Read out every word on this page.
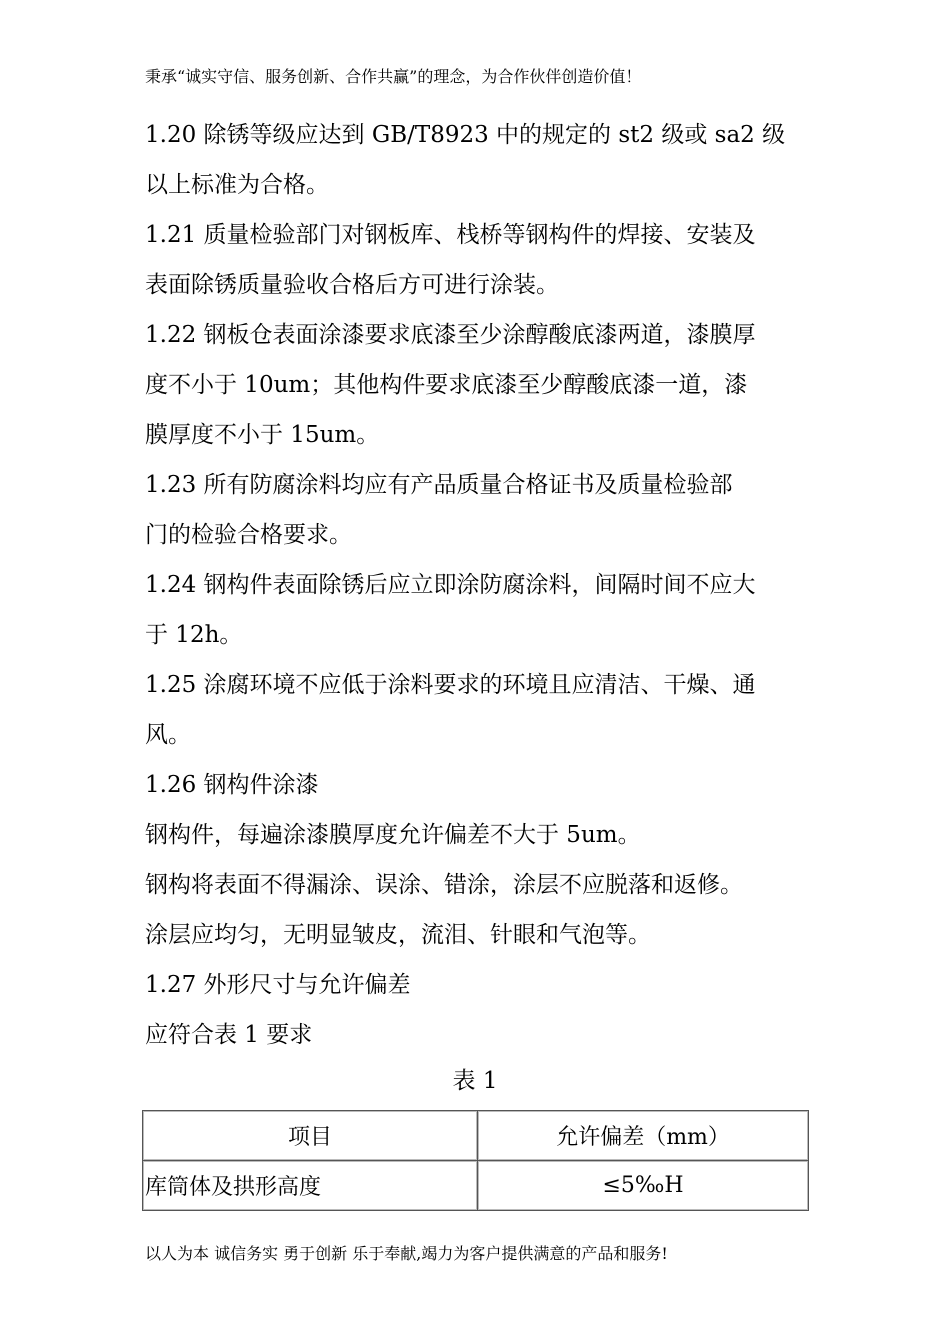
秉承“诚实守信、服务创新、合作共赢”的理念，为合作伙伴创造价值！
1.20 除锈等级应达到 GB/T8923 中的规定的 st2 级或 sa2 级
以上标准为合格。
1.21 质量检验部门对钢板库、栈桥等钢构件的焊接、安装及
表面除锈质量验收合格后方可进行涂装。
1.22 钢板仓表面涂漆要求底漆至少涂醇酸底漆两道，漆膜厚
度不小于 10um；其他构件要求底漆至少醇酸底漆一道，漆
膜厚度不小于 15um。
1.23 所有防腐涂料均应有产品质量合格证书及质量检验部
门的检验合格要求。
1.24 钢构件表面除锈后应立即涂防腐涂料，间隔时间不应大
于 12h。
1.25 涂腐环境不应低于涂料要求的环境且应清洁、干燥、通
风。
1.26 钢构件涂漆
钢构件，每遍涂漆膜厚度允许偏差不大于 5um。
钢构将表面不得漏涂、误涂、错涂，涂层不应脱落和返修。
涂层应均匀，无明显皱皮，流泪、针眼和气泡等。
1.27 外形尺寸与允许偏差
应符合表 1 要求
表 1
项目	允许偏差（mm）
库筒体及拱形高度	≤5‰H
以人为本 诚信务实 勇于创新 乐于奉献,竭力为客户提供满意的产品和服务!
